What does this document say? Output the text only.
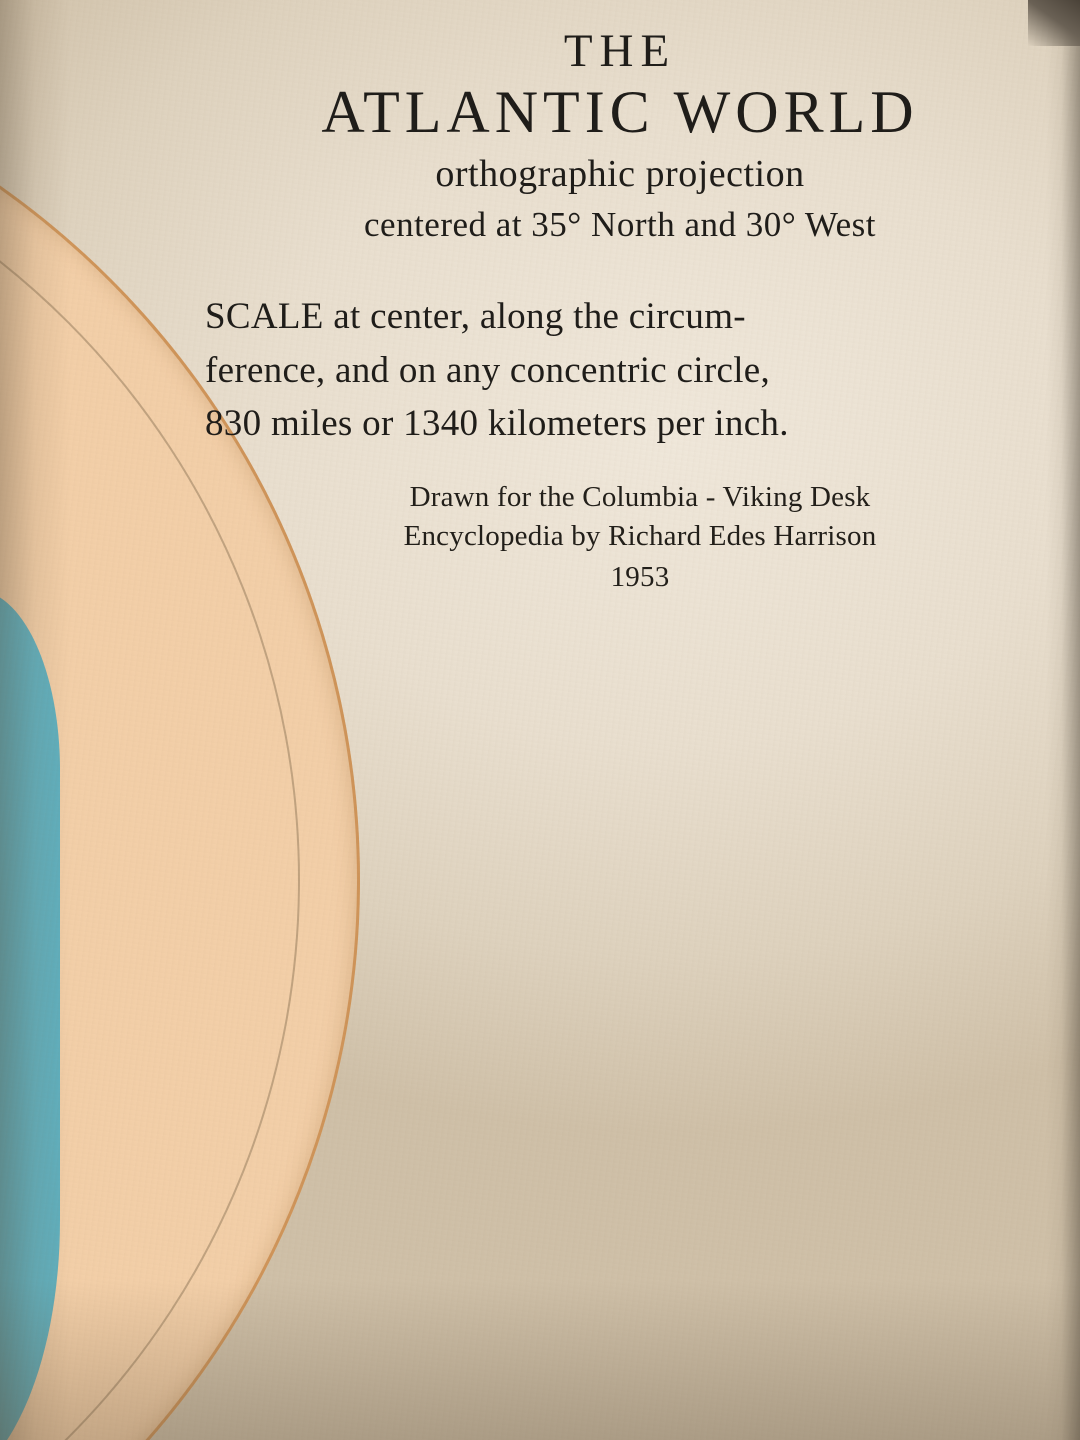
THE
ATLANTIC WORLD
orthographic projection
centered at 35° North and 30° West
SCALE at center, along the circum-
ference, and on any concentric circle,
830 miles or 1340 kilometers per inch.
Drawn for the Columbia - Viking Desk
Encyclopedia by Richard Edes Harrison
1953
